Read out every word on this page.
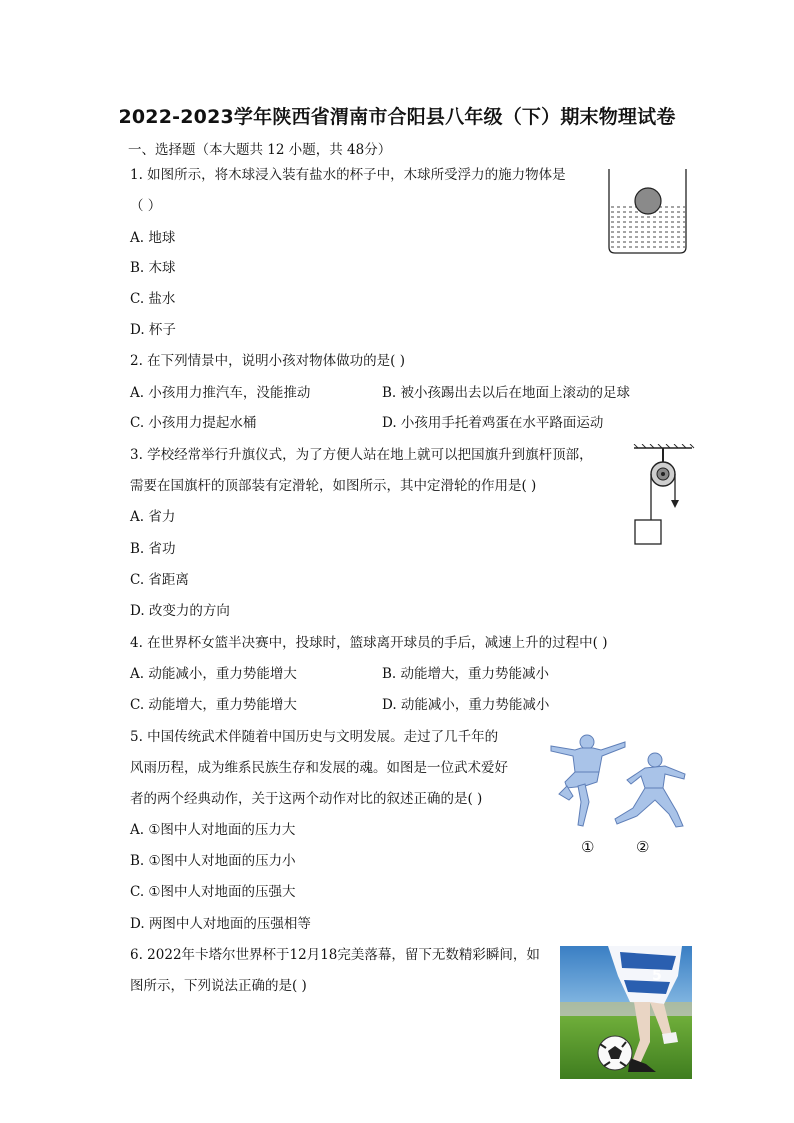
2022-2023学年陕西省渭南市合阳县八年级（下）期末物理试卷
一、选择题（本大题共 12 小题，共 48分）
1. 如图所示，将木球浸入装有盐水的杯子中，木球所受浮力的施力物体是
（ ）
A. 地球
B. 木球
C. 盐水
D. 杯子
2. 在下列情景中，说明小孩对物体做功的是( )
A. 小孩用力推汽车，没能推动	B. 被小孩踢出去以后在地面上滚动的足球
C. 小孩用力提起水桶	D. 小孩用手托着鸡蛋在水平路面运动
3. 学校经常举行升旗仪式，为了方便人站在地上就可以把国旗升到旗杆顶部，
需要在国旗杆的顶部装有定滑轮，如图所示，其中定滑轮的作用是( )
A. 省力
B. 省功
C. 省距离
D. 改变力的方向
4. 在世界杯女篮半决赛中，投球时，篮球离开球员的手后，减速上升的过程中( )
A. 动能减小，重力势能增大	B. 动能增大，重力势能减小
C. 动能增大，重力势能增大	D. 动能减小，重力势能减小
5. 中国传统武术伴随着中国历史与文明发展。走过了几千年的
风雨历程，成为维系民族生存和发展的魂。如图是一位武术爱好
者的两个经典动作，关于这两个动作对比的叙述正确的是( )
A. ①图中人对地面的压力大
B. ①图中人对地面的压力小
C. ①图中人对地面的压强大
D. 两图中人对地面的压强相等
①	②
6. 2022年卡塔尔世界杯于12月18完美落幕，留下无数精彩瞬间，如
图所示，下列说法正确的是( )
5
